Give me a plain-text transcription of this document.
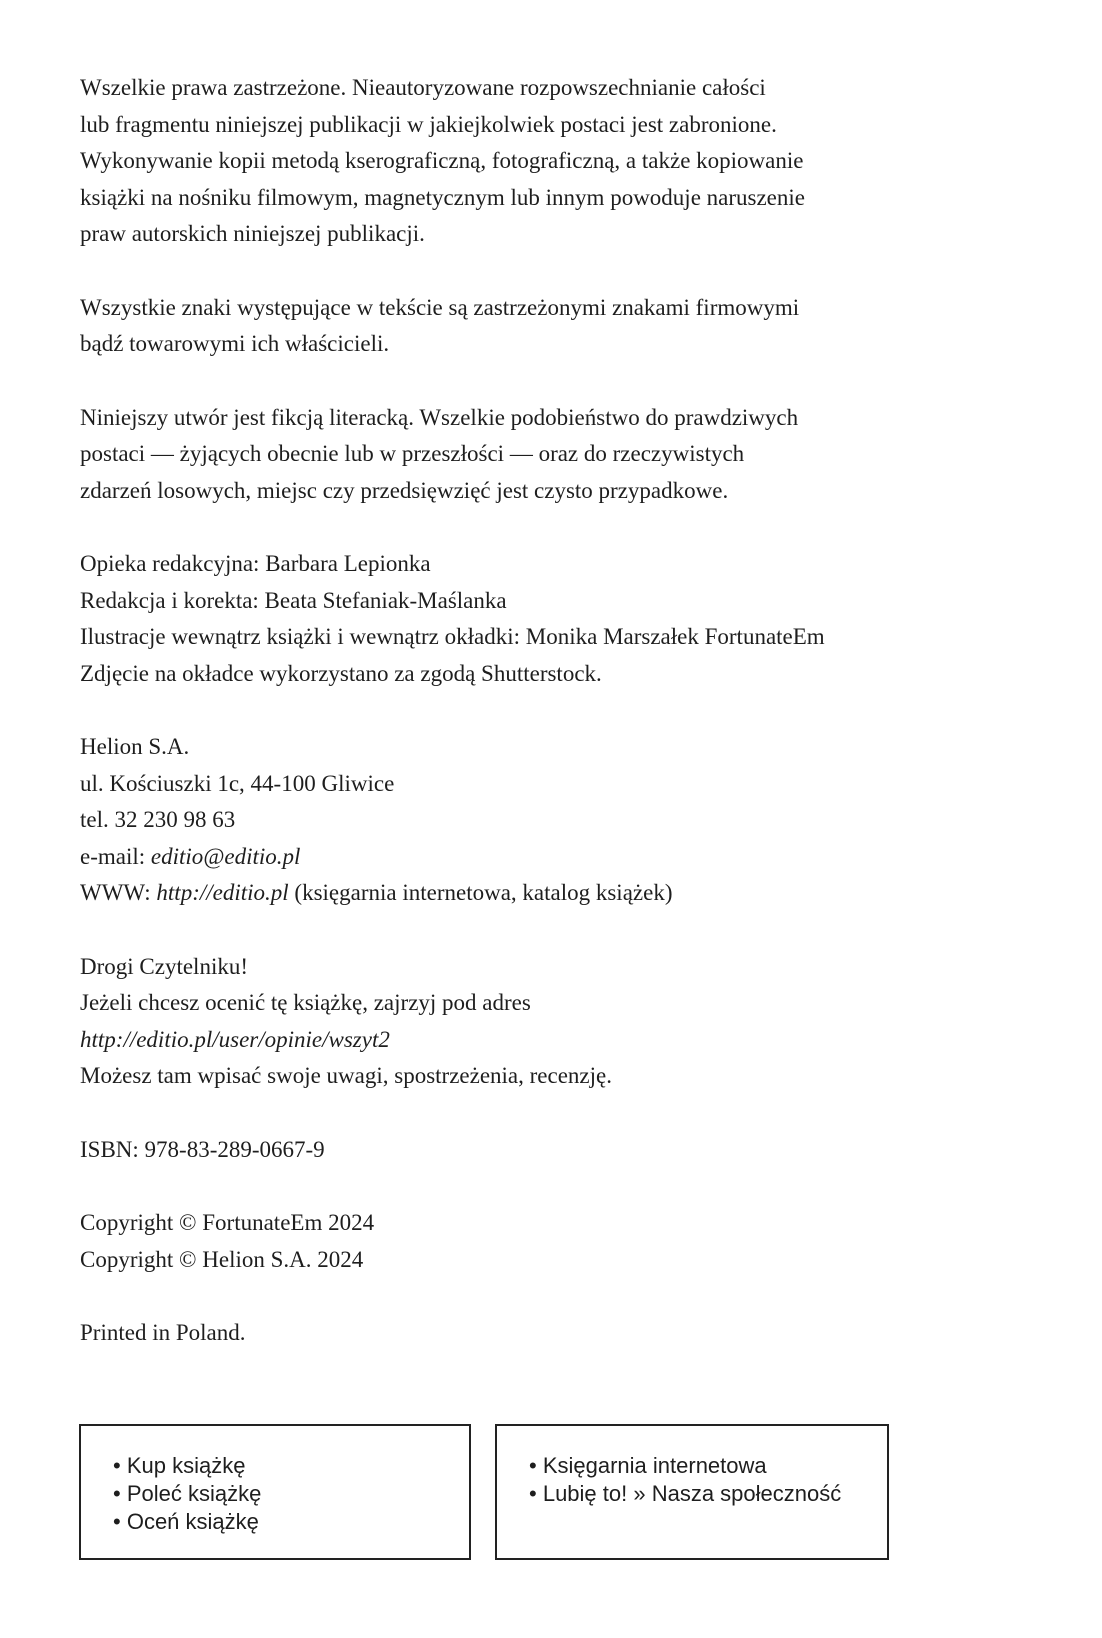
Wszelkie prawa zastrzeżone. Nieautoryzowane rozpowszechnianie całości
lub fragmentu niniejszej publikacji w jakiejkolwiek postaci jest zabronione.
Wykonywanie kopii metodą kserograficzną, fotograficzną, a także kopiowanie
książki na nośniku filmowym, magnetycznym lub innym powoduje naruszenie
praw autorskich niniejszej publikacji.
Wszystkie znaki występujące w tekście są zastrzeżonymi znakami firmowymi
bądź towarowymi ich właścicieli.
Niniejszy utwór jest fikcją literacką. Wszelkie podobieństwo do prawdziwych
postaci — żyjących obecnie lub w przeszłości — oraz do rzeczywistych
zdarzeń losowych, miejsc czy przedsięwzięć jest czysto przypadkowe.
Opieka redakcyjna: Barbara Lepionka
Redakcja i korekta: Beata Stefaniak-Maślanka
Ilustracje wewnątrz książki i wewnątrz okładki: Monika Marszałek FortunateEm
Zdjęcie na okładce wykorzystano za zgodą Shutterstock.
Helion S.A.
ul. Kościuszki 1c, 44-100 Gliwice
tel. 32 230 98 63
e-mail: editio@editio.pl
WWW: http://editio.pl (księgarnia internetowa, katalog książek)
Drogi Czytelniku!
Jeżeli chcesz ocenić tę książkę, zajrzyj pod adres
http://editio.pl/user/opinie/wszyt2
Możesz tam wpisać swoje uwagi, spostrzeżenia, recenzję.
ISBN: 978-83-289-0667-9
Copyright © FortunateEm 2024
Copyright © Helion S.A. 2024
Printed in Poland.
• Kup książkę
• Poleć książkę
• Oceń książkę
• Księgarnia internetowa
• Lubię to! » Nasza społeczność
